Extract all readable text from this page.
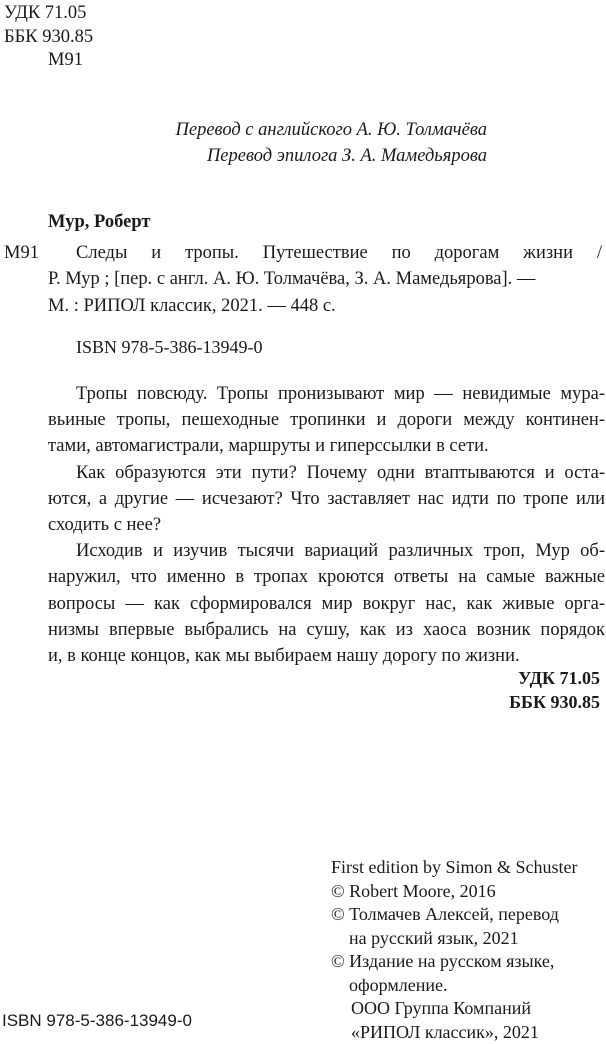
УДК 71.05
ББК 930.85
М91
Перевод с английского А. Ю. Толмачёва
Перевод эпилога З. А. Мамедьярова
Мур, Роберт
М91	Следы и тропы. Путешествие по дорогам жизни /
Р. Мур ; [пер. с англ. А. Ю. Толмачёва, З. А. Мамедьярова]. —
М. : РИПОЛ классик, 2021. — 448 с.
ISBN 978-5-386-13949-0
Тропы повсюду. Тропы пронизывают мир — невидимые мура-
вьиные тропы, пешеходные тропинки и дороги между континен-
тами, автомагистрали, маршруты и гиперссылки в сети.
Как образуются эти пути? Почему одни втаптываются и оста-
ются, а другие — исчезают? Что заставляет нас идти по тропе или
сходить с нее?
Исходив и изучив тысячи вариаций различных троп, Мур об-
наружил, что именно в тропах кроются ответы на самые важные
вопросы — как сформировался мир вокруг нас, как живые орга-
низмы впервые выбрались на сушу, как из хаоса возник порядок
и, в конце концов, как мы выбираем нашу дорогу по жизни.
УДК 71.05
ББК 930.85
First edition by Simon & Schuster
© Robert Moore, 2016
© Толмачев Алексей, перевод
на русский язык, 2021
© Издание на русском языке,
оформление.
ООО Группа Компаний
«РИПОЛ классик», 2021
ISBN 978-5-386-13949-0
